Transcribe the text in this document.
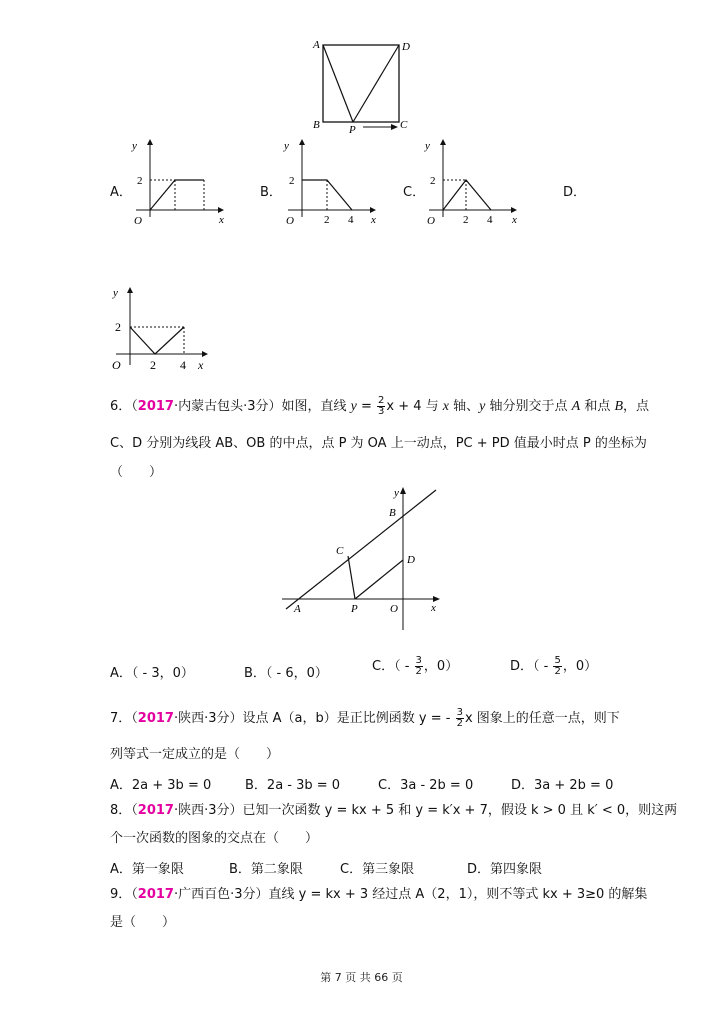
A	D
B	P	C
A．
y
2
O	x
B．
y
2
O	2 4 x
C．
y
2
O	2 4 x
D．
y
2
O 2 4 x
6．（2017·内蒙古包头·3分）如图，直线 $y = \frac{2}{3}$ x + 4 与 x 轴、y 轴分别交于点 A 和点 B，点
C、D 分别为线段 AB、OB 的中点，点 P 为 OA 上一动点，PC + PD 值最小时点 P 的坐标为
（　　）
y
B
C
D
A	P	O	x
A．（ - 3，0）	B．（ - 6，0）	C．（ - $\frac{3}{2}$ ，0）	D．（ - $\frac{5}{2}$ ，0）
7．（2017·陕西·3分）设点 A（a，b）是正比例函数 y = - $\frac{3}{2}$ x 图象上的任意一点，则下
列等式一定成立的是（　　）
A．2a + 3b = 0	B．2a - 3b = 0	C．3a - 2b = 0	D．3a + 2b = 0
8．（2017·陕西·3分）已知一次函数 y = kx + 5 和 y = k′x + 7，假设 k > 0 且 k′ < 0，则这两
个一次函数的图象的交点在（　　）
A．第一象限	B．第二象限	C．第三象限	D．第四象限
9．（2017·广西百色·3分）直线 y = kx + 3 经过点 A（2，1），则不等式 kx + 3≥0 的解集
是（　　）
第 7 页 共 66 页
